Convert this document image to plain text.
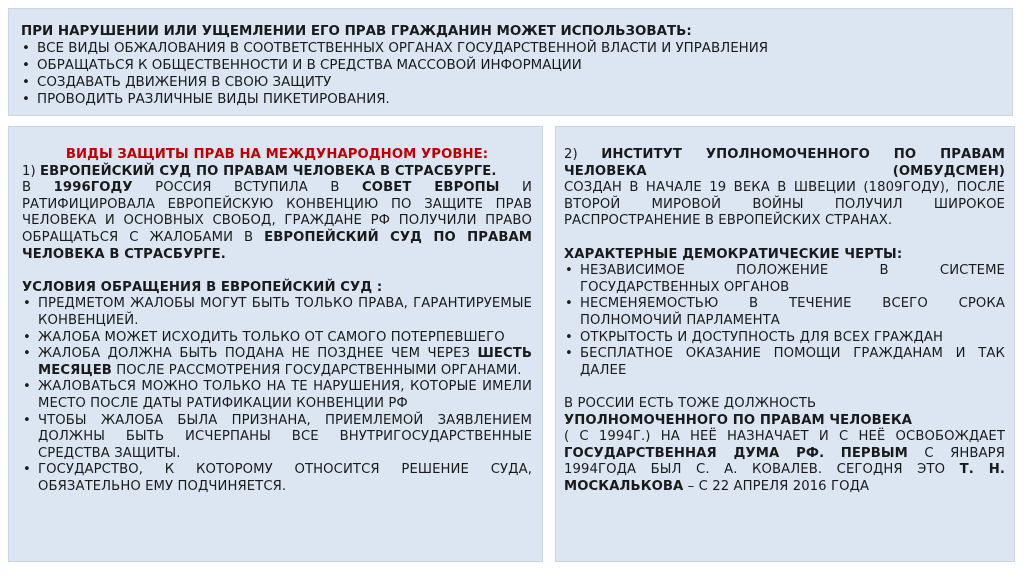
ПРИ НАРУШЕНИИ ИЛИ УЩЕМЛЕНИИ ЕГО ПРАВ ГРАЖДАНИН МОЖЕТ ИСПОЛЬЗОВАТЬ:
• ВСЕ ВИДЫ ОБЖАЛОВАНИЯ В СООТВЕТСТВЕННЫХ ОРГАНАХ ГОСУДАРСТВЕННОЙ ВЛАСТИ И УПРАВЛЕНИЯ
• ОБРАЩАТЬСЯ К ОБЩЕСТВЕННОСТИ И В СРЕДСТВА МАССОВОЙ ИНФОРМАЦИИ
• СОЗДАВАТЬ ДВИЖЕНИЯ В СВОЮ ЗАЩИТУ
• ПРОВОДИТЬ РАЗЛИЧНЫЕ ВИДЫ ПИКЕТИРОВАНИЯ.
ВИДЫ ЗАЩИТЫ ПРАВ НА МЕЖДУНАРОДНОМ УРОВНЕ:
1) ЕВРОПЕЙСКИЙ СУД ПО ПРАВАМ ЧЕЛОВЕКА В СТРАСБУРГЕ.
В 1996ГОДУ РОССИЯ ВСТУПИЛА В СОВЕТ ЕВРОПЫ И РАТИФИЦИРОВАЛА ЕВРОПЕЙСКУЮ КОНВЕНЦИЮ ПО ЗАЩИТЕ ПРАВ ЧЕЛОВЕКА И ОСНОВНЫХ СВОБОД, ГРАЖДАНЕ РФ ПОЛУЧИЛИ ПРАВО ОБРАЩАТЬСЯ С ЖАЛОБАМИ В ЕВРОПЕЙСКИЙ СУД ПО ПРАВАМ ЧЕЛОВЕКА В СТРАСБУРГЕ.
УСЛОВИЯ ОБРАЩЕНИЯ В ЕВРОПЕЙСКИЙ СУД :
• ПРЕДМЕТОМ ЖАЛОБЫ МОГУТ БЫТЬ ТОЛЬКО ПРАВА, ГАРАНТИРУЕМЫЕ КОНВЕНЦИЕЙ.
• ЖАЛОБА МОЖЕТ ИСХОДИТЬ ТОЛЬКО ОТ САМОГО ПОТЕРПЕВШЕГО
• ЖАЛОБА ДОЛЖНА БЫТЬ ПОДАНА НЕ ПОЗДНЕЕ ЧЕМ ЧЕРЕЗ ШЕСТЬ МЕСЯЦЕВ ПОСЛЕ РАССМОТРЕНИЯ ГОСУДАРСТВЕННЫМИ ОРГАНАМИ.
• ЖАЛОВАТЬСЯ МОЖНО ТОЛЬКО НА ТЕ НАРУШЕНИЯ, КОТОРЫЕ ИМЕЛИ МЕСТО ПОСЛЕ ДАТЫ РАТИФИКАЦИИ КОНВЕНЦИИ РФ
• ЧТОБЫ ЖАЛОБА БЫЛА ПРИЗНАНА, ПРИЕМЛЕМОЙ ЗАЯВЛЕНИЕМ ДОЛЖНЫ БЫТЬ ИСЧЕРПАНЫ ВСЕ ВНУТРИГОСУДАРСТВЕННЫЕ СРЕДСТВА ЗАЩИТЫ.
• ГОСУДАРСТВО, К КОТОРОМУ ОТНОСИТСЯ РЕШЕНИЕ СУДА, ОБЯЗАТЕЛЬНО ЕМУ ПОДЧИНЯЕТСЯ.
2) ИНСТИТУТ УПОЛНОМОЧЕННОГО ПО ПРАВАМ ЧЕЛОВЕКА (ОМБУДСМЕН)
СОЗДАН В НАЧАЛЕ 19 ВЕКА В ШВЕЦИИ (1809ГОДУ), ПОСЛЕ ВТОРОЙ МИРОВОЙ ВОЙНЫ ПОЛУЧИЛ ШИРОКОЕ РАСПРОСТРАНЕНИЕ В ЕВРОПЕЙСКИХ СТРАНАХ.
ХАРАКТЕРНЫЕ ДЕМОКРАТИЧЕСКИЕ ЧЕРТЫ:
• НЕЗАВИСИМОЕ ПОЛОЖЕНИЕ В СИСТЕМЕ ГОСУДАРСТВЕННЫХ ОРГАНОВ
• НЕСМЕНЯЕМОСТЬЮ В ТЕЧЕНИЕ ВСЕГО СРОКА ПОЛНОМОЧИЙ ПАРЛАМЕНТА
• ОТКРЫТОСТЬ И ДОСТУПНОСТЬ ДЛЯ ВСЕХ ГРАЖДАН
• БЕСПЛАТНОЕ ОКАЗАНИЕ ПОМОЩИ ГРАЖДАНАМ И ТАК ДАЛЕЕ
В РОССИИ ЕСТЬ ТОЖЕ ДОЛЖНОСТЬ
УПОЛНОМОЧЕННОГО ПО ПРАВАМ ЧЕЛОВЕКА
( С 1994Г.) НА НЕЁ НАЗНАЧАЕТ И С НЕЁ ОСВОБОЖДАЕТ ГОСУДАРСТВЕННАЯ ДУМА РФ. ПЕРВЫМ С ЯНВАРЯ 1994ГОДА БЫЛ С. А. КОВАЛЕВ. СЕГОДНЯ ЭТО Т. Н. МОСКАЛЬКОВА – С 22 АПРЕЛЯ 2016 ГОДА
